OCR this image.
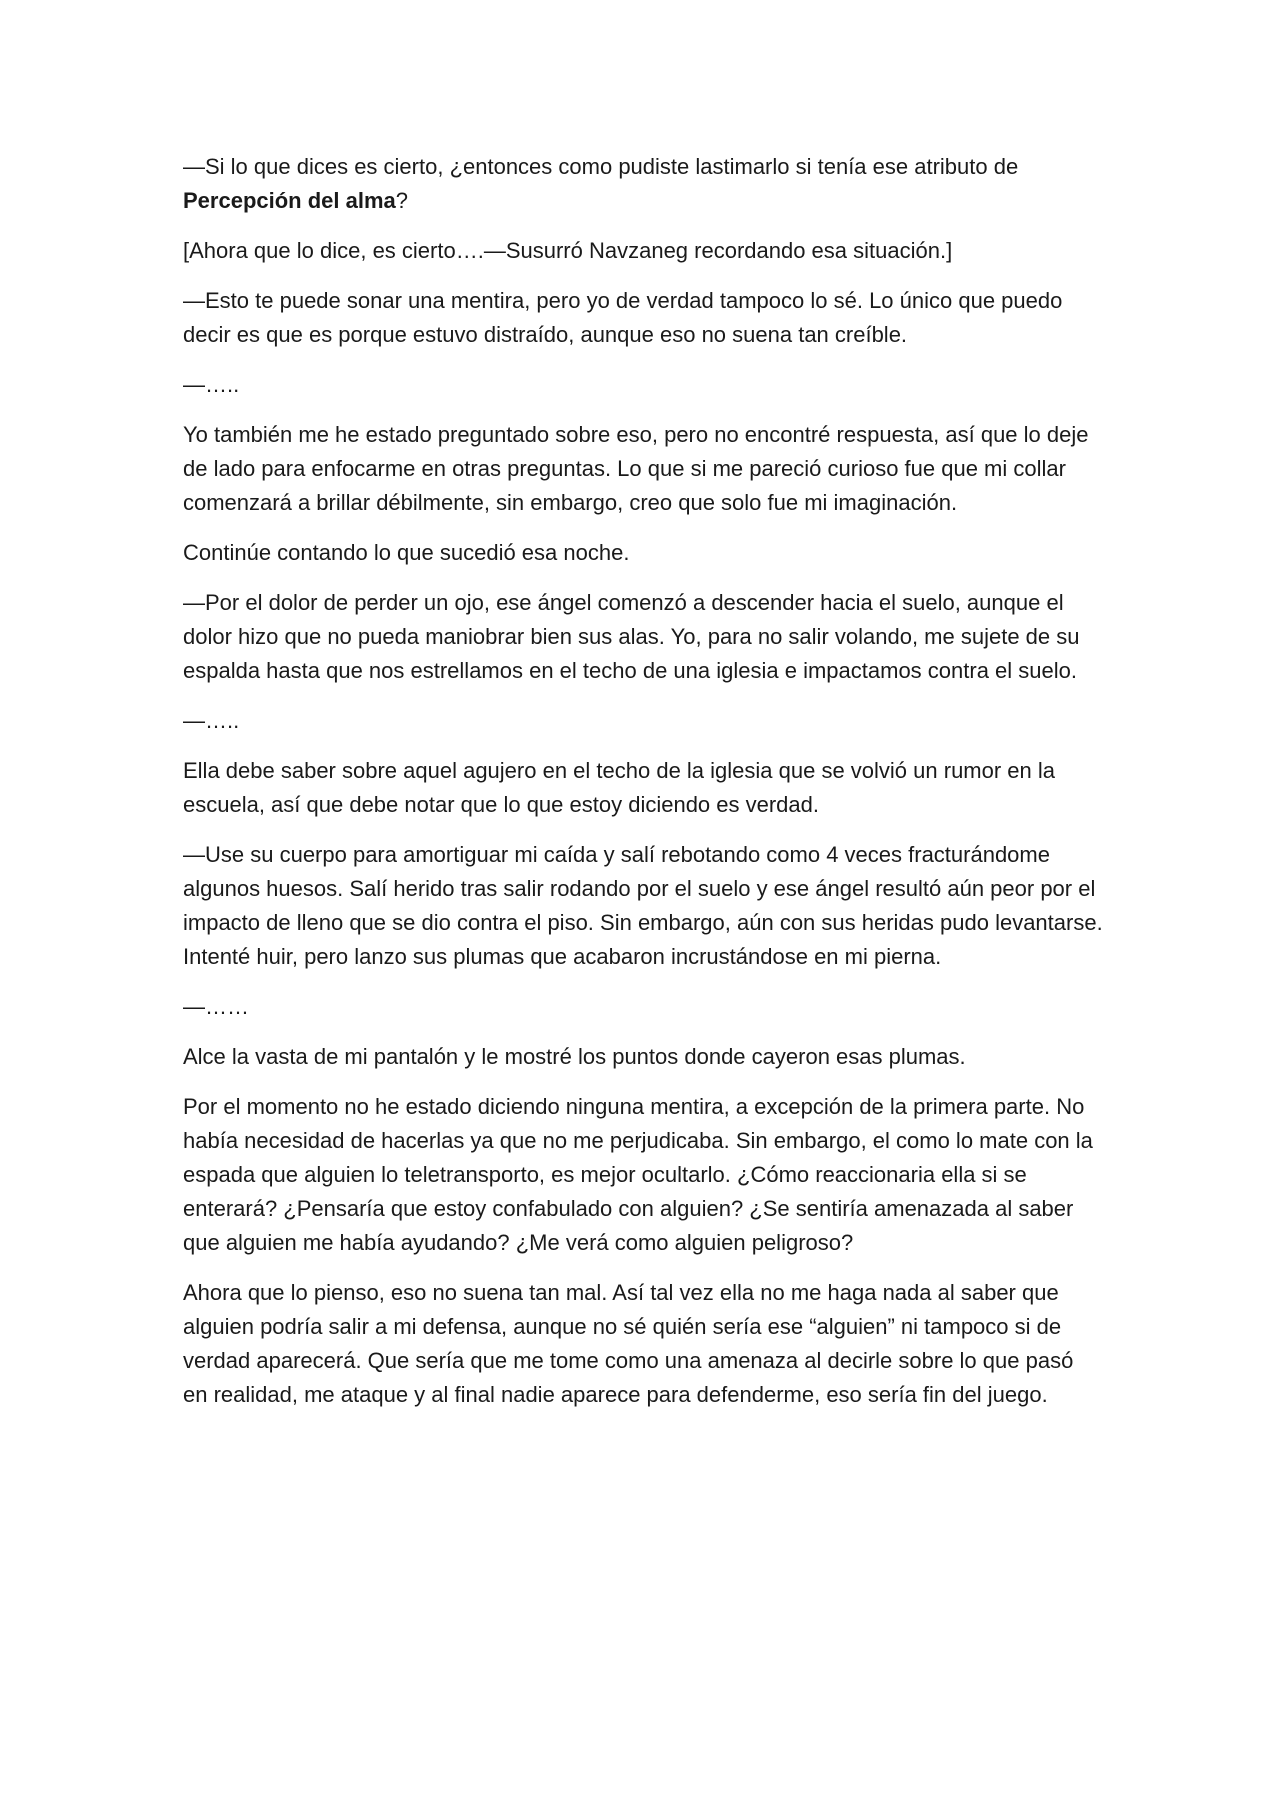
—Si lo que dices es cierto, ¿entonces como pudiste lastimarlo si tenía ese atributo de Percepción del alma?

[Ahora que lo dice, es cierto….—Susurró Navzaneg recordando esa situación.]

—Esto te puede sonar una mentira, pero yo de verdad tampoco lo sé. Lo único que puedo decir es que es porque estuvo distraído, aunque eso no suena tan creíble.

—…..

Yo también me he estado preguntado sobre eso, pero no encontré respuesta, así que lo deje de lado para enfocarme en otras preguntas. Lo que si me pareció curioso fue que mi collar comenzará a brillar débilmente, sin embargo, creo que solo fue mi imaginación.

Continúe contando lo que sucedió esa noche.

—Por el dolor de perder un ojo, ese ángel comenzó a descender hacia el suelo, aunque el dolor hizo que no pueda maniobrar bien sus alas. Yo, para no salir volando, me sujete de su espalda hasta que nos estrellamos en el techo de una iglesia e impactamos contra el suelo.

—…..

Ella debe saber sobre aquel agujero en el techo de la iglesia que se volvió un rumor en la escuela, así que debe notar que lo que estoy diciendo es verdad.

—Use su cuerpo para amortiguar mi caída y salí rebotando como 4 veces fracturándome algunos huesos. Salí herido tras salir rodando por el suelo y ese ángel resultó aún peor por el impacto de lleno que se dio contra el piso. Sin embargo, aún con sus heridas pudo levantarse. Intenté huir, pero lanzo sus plumas que acabaron incrustándose en mi pierna.

—……

Alce la vasta de mi pantalón y le mostré los puntos donde cayeron esas plumas.

Por el momento no he estado diciendo ninguna mentira, a excepción de la primera parte. No había necesidad de hacerlas ya que no me perjudicaba. Sin embargo, el como lo mate con la espada que alguien lo teletransporto, es mejor ocultarlo. ¿Cómo reaccionaria ella si se enterará? ¿Pensaría que estoy confabulado con alguien? ¿Se sentiría amenazada al saber que alguien me había ayudando? ¿Me verá como alguien peligroso?

Ahora que lo pienso, eso no suena tan mal. Así tal vez ella no me haga nada al saber que alguien podría salir a mi defensa, aunque no sé quién sería ese “alguien” ni tampoco si de verdad aparecerá. Que sería que me tome como una amenaza al decirle sobre lo que pasó en realidad, me ataque y al final nadie aparece para defenderme, eso sería fin del juego.
